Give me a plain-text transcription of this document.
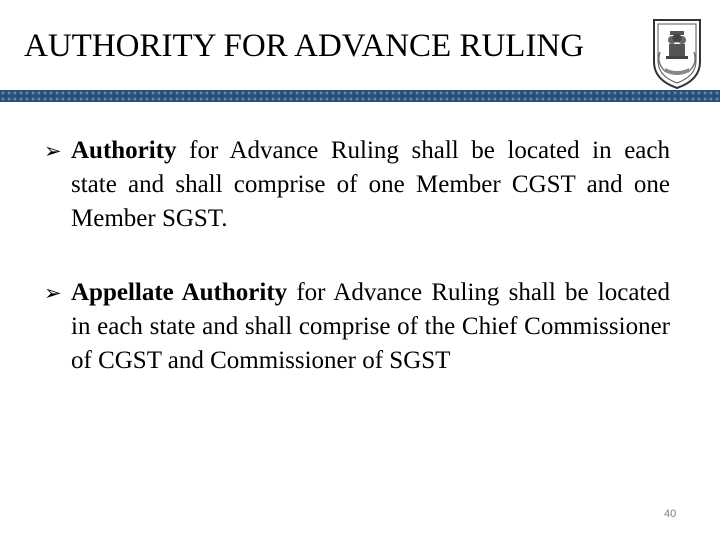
AUTHORITY FOR ADVANCE RULING
➢ Authority for Advance Ruling shall be located in each state and shall comprise of one Member CGST and one Member SGST.
➢ Appellate Authority for Advance Ruling shall be located in each state and shall comprise of the Chief Commissioner of CGST and Commissioner of SGST
40
